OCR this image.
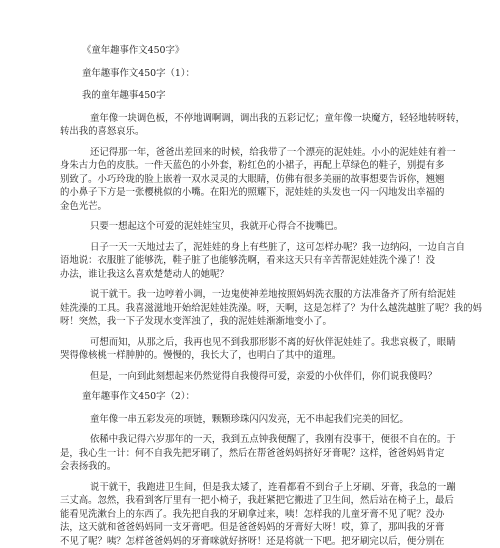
《童年趣事作文450字》
童年趣事作文450字（1）：
我的童年趣事450字
童年像一块调色板，不停地调啊调，调出我的五彩记忆；童年像一块魔方，轻轻地转呀转，
转出我的喜怒哀乐。
还记得那一年，爸爸出差回来的时候，给我带了一个漂亮的泥娃娃。小小的泥娃娃有着一
身朱古力色的皮肤。一件天蓝色的小外套，粉红色的小裙子，再配上草绿色的鞋子，别提有多
别致了。小巧玲珑的脸上嵌着一双水灵灵的大眼睛，仿佛有很多美丽的故事想要告诉你，翘翘
的小鼻子下方是一张樱桃似的小嘴。在阳光的照耀下，泥娃娃的头发也一闪一闪地发出幸福的
金色光芒。
只要一想起这个可爱的泥娃娃宝贝，我就开心得合不拢嘴巴。
日子一天一天地过去了，泥娃娃的身上有些脏了，这可怎样办呢？我一边纳闷，一边自言自
语地说：衣服脏了能够洗，鞋子脏了也能够洗啊，看来这天只有辛苦帮泥娃娃洗个澡了！没
办法，谁让我这么喜欢楚楚动人的她呢？
说干就干。我一边哼着小调，一边鬼使神差地按照妈妈洗衣服的方法准备齐了所有给泥娃
娃洗澡的工具。我喜滋滋地开始给泥娃娃洗澡。呀，天啊，这是怎样了？为什么越洗越脏了呢？我的妈
呀！突然，我一下子发现水变浑浊了，我的泥娃娃渐渐地变小了。
可想而知，从那之后，我再也见不到我那形影不离的好伙伴泥娃娃了。我悲哀极了，眼睛
哭得像核桃一样肿肿的。慢慢的，我长大了，也明白了其中的道理。
但是，一向到此刻想起来仍然觉得自我傻得可爱，亲爱的小伙伴们，你们说我傻吗？
童年趣事作文450字（2）：
童年像一串五彩发亮的项链，颗颗珍珠闪闪发亮，无不串起我们完美的回忆。
依稀中我记得六岁那年的一天，我到五点钟我便醒了，我刚有没事干，便很不自在的。于
是，我心生一计：何不自我先把牙刷了，然后在帮爸爸妈妈挤好牙膏呢？这样，爸爸妈妈肯定
会表扬我的。
说干就干，我跑进卫生间，但是我太矮了，连看都看不到台子上牙刷、牙膏，我急的一蹦
三丈高。忽然，我看到客厅里有一把小椅子，我赶紧把它搬进了卫生间，然后站在椅子上，最后
能看见洗漱台上的东西了。我先把自我的牙刷拿过来，咦！怎样我的儿童牙膏不见了呢？没办
法，这天就和爸爸妈妈同一支牙膏吧。但是爸爸妈妈的牙膏好大呀！哎，算了，那叫我的牙膏
不见了呢？咦？怎样爸爸妈妈的牙膏咪就好挤呀！还是将就一下吧。把牙刷完以后，便分别在
